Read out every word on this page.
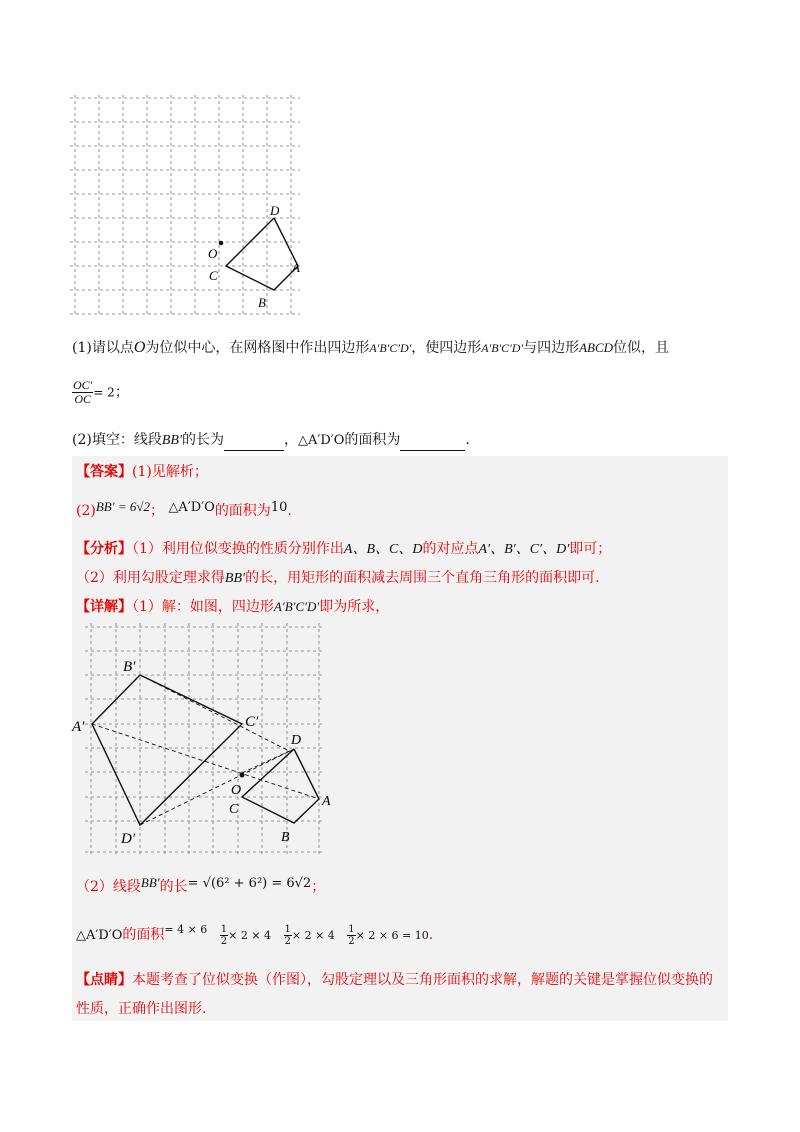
D
O
C
A
B
(1)请以点O为位似中心，在网格图中作出四边形A′B′C′D′，使四边形A′B′C′D′与四边形ABCD位似，且
$\frac{OC'}{OC} = 2$；
(2)填空：线段BB′的长为	，△A′D′O的面积为	.
【答案】(1)见解析；
(2)BB′ = 6√2； △A′D′O的面积为10.
【分析】（1）利用位似变换的性质分别作出A、B、C、D的对应点A′、B′、C′、D′即可；
（2）利用勾股定理求得BB′的长，用矩形的面积减去周围三个直角三角形的面积即可.
【详解】（1）解：如图，四边形A′B′C′D′即为所求，
B′
A′	C′
D
O
C
A
D′	B
（2）线段BB′的长= √(6² + 6²) = 6√2；
△A′D′O的面积$^{= 4 \times 6} \frac{1}{2} \times 2 \times 4 \frac{1}{2} \times 2 \times 4 \frac{1}{2} \times 2 \times 6 = 10$.
【点睛】本题考查了位似变换（作图），勾股定理以及三角形面积的求解，解题的关键是掌握位似变换的
性质，正确作出图形.
